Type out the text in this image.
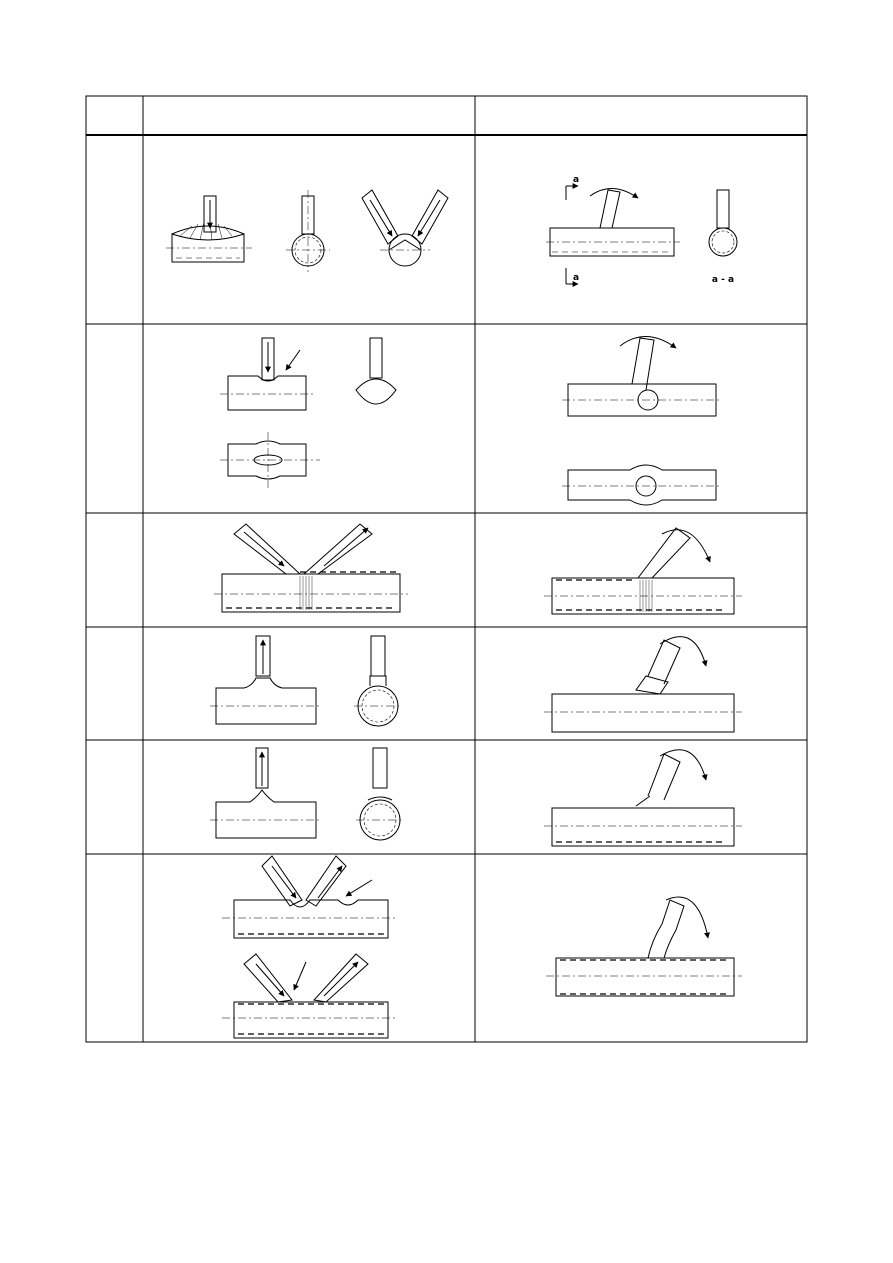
a
a	a - a
